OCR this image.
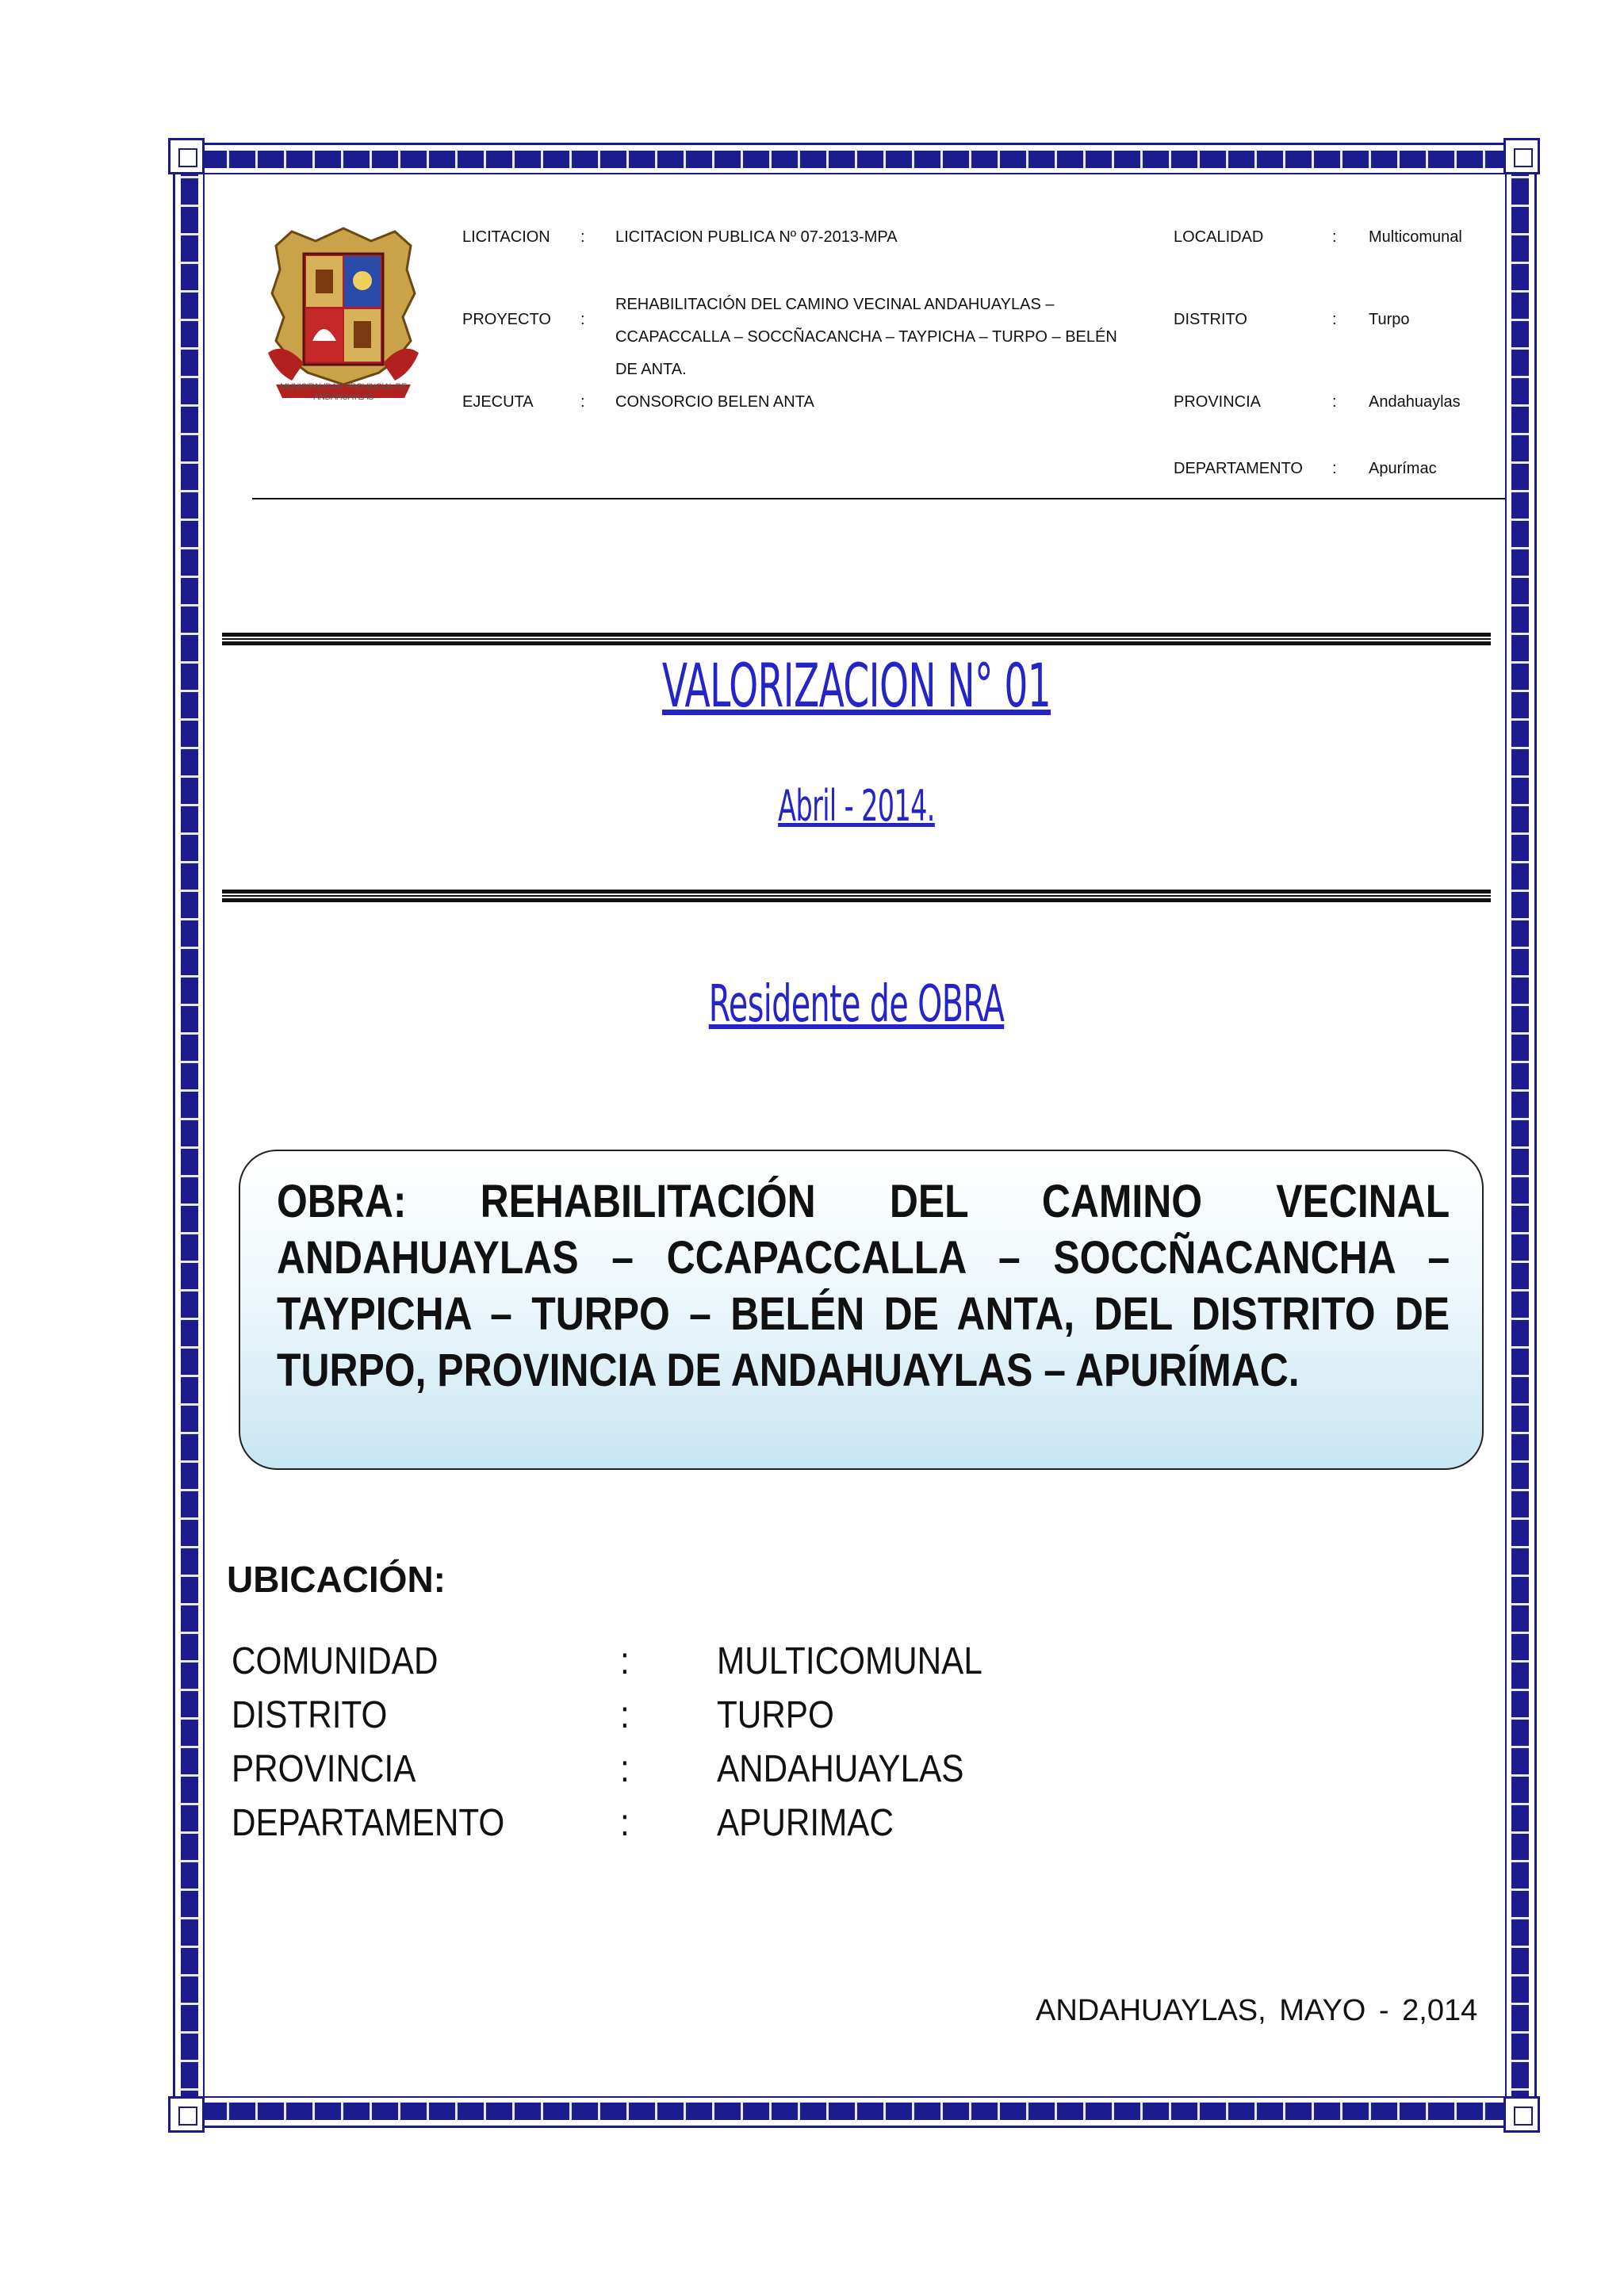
MUNICIPALIDAD PROVINCIAL DE ANDAHUAYLAS
LICITACION : LICITACION PUBLICA Nº 07-2013-MPA
PROYECTO :
REHABILITACIÓN DEL CAMINO VECINAL ANDAHUAYLAS – CCAPACCALLA – SOCCÑACANCHA – TAYPICHA – TURPO – BELÉN DE ANTA.
EJECUTA	: CONSORCIO BELEN ANTA
LOCALIDAD	: Multicomunal
DISTRITO	: Turpo
PROVINCIA	: Andahuaylas
DEPARTAMENTO : Apurímac
VALORIZACION N° 01
Abril - 2014.
Residente de OBRA
OBRA: REHABILITACIÓN DEL CAMINO VECINAL ANDAHUAYLAS – CCAPACCALLA – SOCCÑACANCHA – TAYPICHA – TURPO – BELÉN DE ANTA, DEL DISTRITO DE TURPO, PROVINCIA DE ANDAHUAYLAS – APURÍMAC.
UBICACIÓN:
COMUNIDAD	: MULTICOMUNAL
DISTRITO	: TURPO
PROVINCIA	: ANDAHUAYLAS
DEPARTAMENTO	: APURIMAC
ANDAHUAYLAS, MAYO - 2,014
